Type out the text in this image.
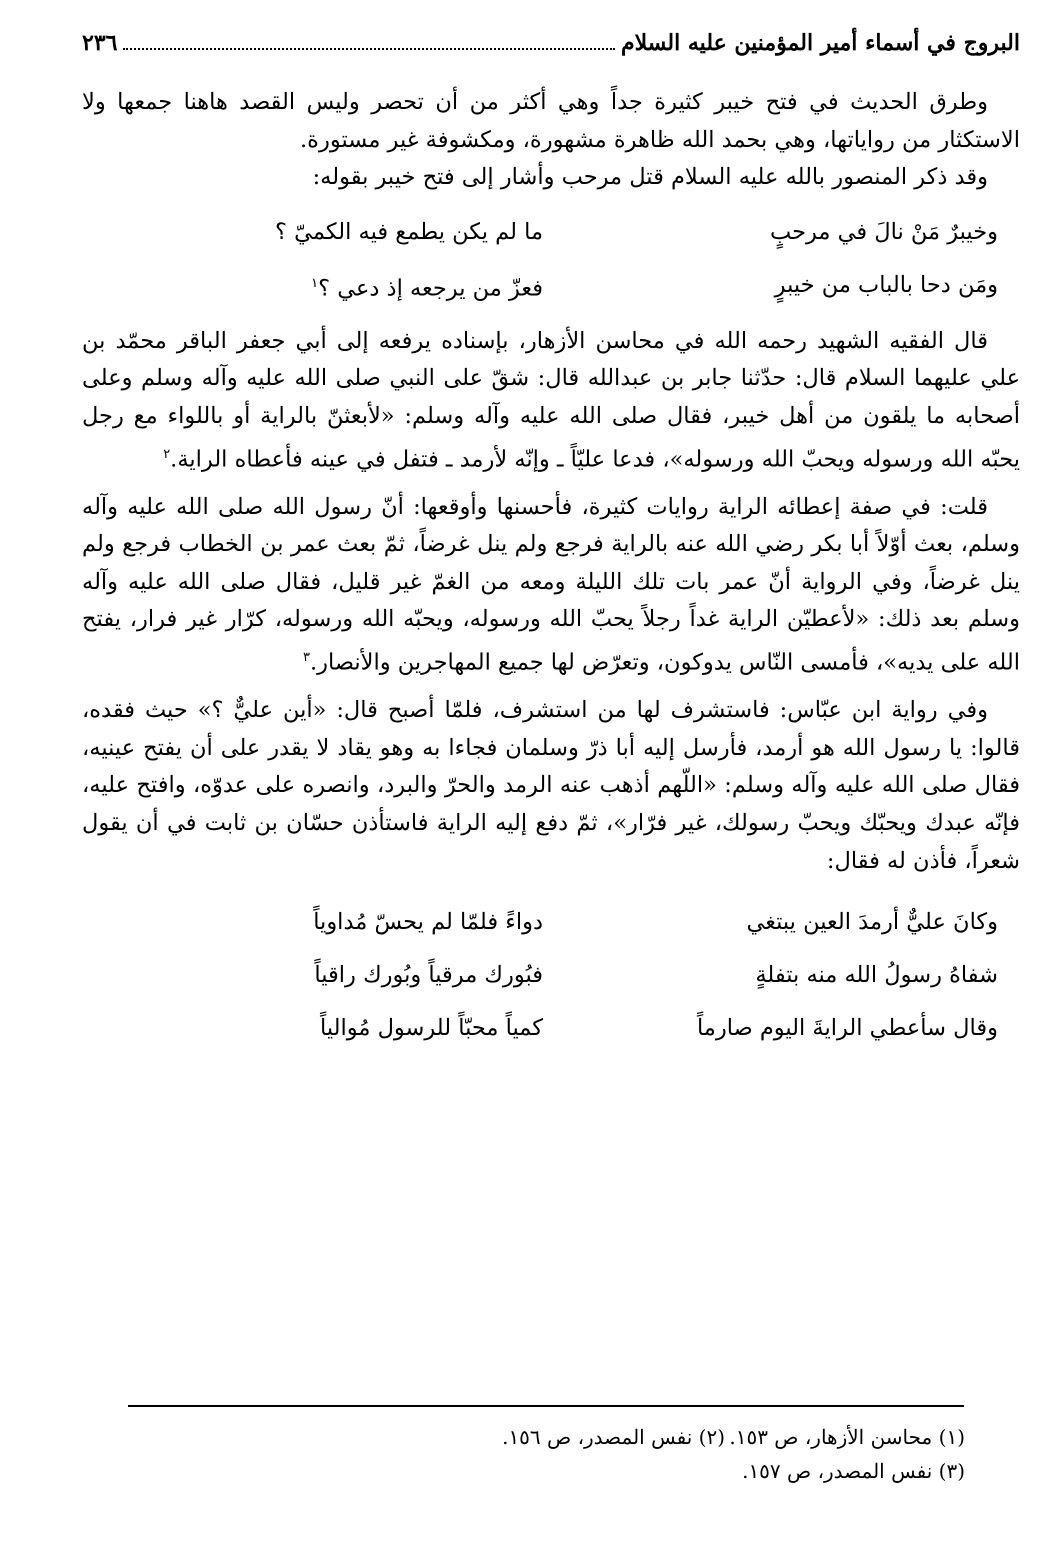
البروج في أسماء أمير المؤمنين عليه السلام
٢٣٦

وطرق الحديث في فتح خيبر كثيرة جداً وهي أكثر من أن تحصر وليس القصد هاهنا جمعها ولا الاستكثار من رواياتها، وهي بحمد الله ظاهرة مشهورة، ومكشوفة غير مستورة.

وقد ذكر المنصور بالله عليه السلام قتل مرحب وأشار إلى فتح خيبر بقوله:

وخيبرٌ مَنْ نالَ في مرحبٍ
ما لم يكن يطمع فيه الكميّ ؟
ومَن دحا بالباب من خيبرٍ
فعزّ من يرجعه إذ دعي ؟$^١$

قال الفقيه الشهيد رحمه الله في محاسن الأزهار، بإسناده يرفعه إلى أبي جعفر الباقر محمّد بن علي عليهما السلام قال: حدّثنا جابر بن عبدالله قال: شقّ على النبي صلى الله عليه وآله وسلم وعلى أصحابه ما يلقون من أهل خيبر، فقال صلى الله عليه وآله وسلم: «لأبعثنّ بالراية أو باللواء مع رجل يحبّه الله ورسوله ويحبّ الله ورسوله»، فدعا عليّاً ـ وإنّه لأرمد ـ فتفل في عينه فأعطاه الراية.$^٢$

قلت: في صفة إعطائه الراية روايات كثيرة، فأحسنها وأوقعها: أنّ رسول الله صلى الله عليه وآله وسلم، بعث أوّلاً أبا بكر رضي الله عنه بالراية فرجع ولم ينل غرضاً، ثمّ بعث عمر بن الخطاب فرجع ولم ينل غرضاً، وفي الرواية أنّ عمر بات تلك الليلة ومعه من الغمّ غير قليل، فقال صلى الله عليه وآله وسلم بعد ذلك: «لأعطيّن الراية غداً رجلاً يحبّ الله ورسوله، ويحبّه الله ورسوله، كرّار غير فرار، يفتح الله على يديه»، فأمسى النّاس يدوكون، وتعرّض لها جميع المهاجرين والأنصار.$^٣$

وفي رواية ابن عبّاس: فاستشرف لها من استشرف، فلمّا أصبح قال: «أين عليٌّ ؟» حيث فقده، قالوا: يا رسول الله هو أرمد، فأرسل إليه أبا ذرّ وسلمان فجاءا به وهو يقاد لا يقدر على أن يفتح عينيه، فقال صلى الله عليه وآله وسلم: «اللّهم أذهب عنه الرمد والحرّ والبرد، وانصره على عدوّه، وافتح عليه، فإنّه عبدك ويحبّك ويحبّ رسولك، غير فرّار»، ثمّ دفع إليه الراية فاستأذن حسّان بن ثابت في أن يقول شعراً، فأذن له فقال:

وكانَ عليٌّ أرمدَ العين يبتغي
دواءً فلمّا لم يحسّ مُداوياً
شفاهُ رسولُ الله منه بتفلةٍ
فبُورك مرقياً وبُورك راقياً
وقال سأعطي الرايةَ اليوم صارماً
كمياً محبّاً للرسول مُوالياً
(١) محاسن الأزهار، ص ١٥٣.
(٢) نفس المصدر، ص ١٥٦.
(٣) نفس المصدر، ص ١٥٧.
